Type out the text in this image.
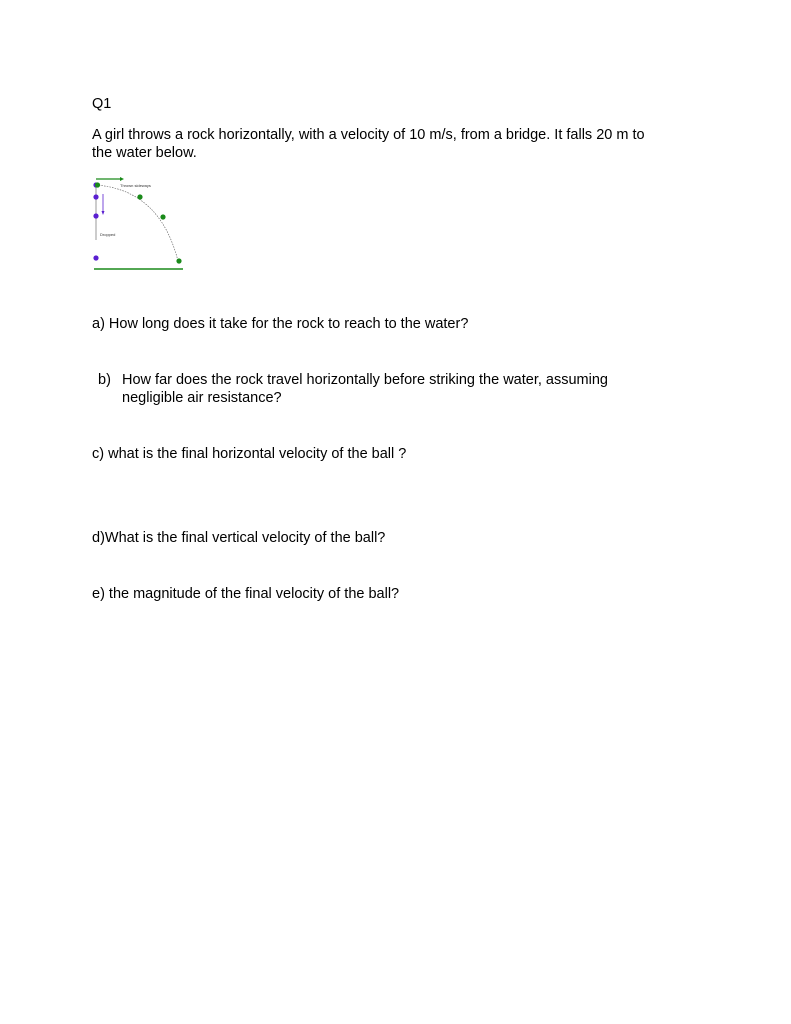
Q1
A girl throws a rock horizontally, with a velocity of 10 m/s, from a bridge. It falls 20 m to
the water below.
Thrown sideways
Dropped
a) How long does it take for the rock to reach to the water?
b) How far does the rock travel horizontally before striking the water, assuming
negligible air resistance?
c) what is the final horizontal velocity of the ball ?
d)What is the final vertical velocity of the ball?
e) the magnitude of the final velocity of the ball?
